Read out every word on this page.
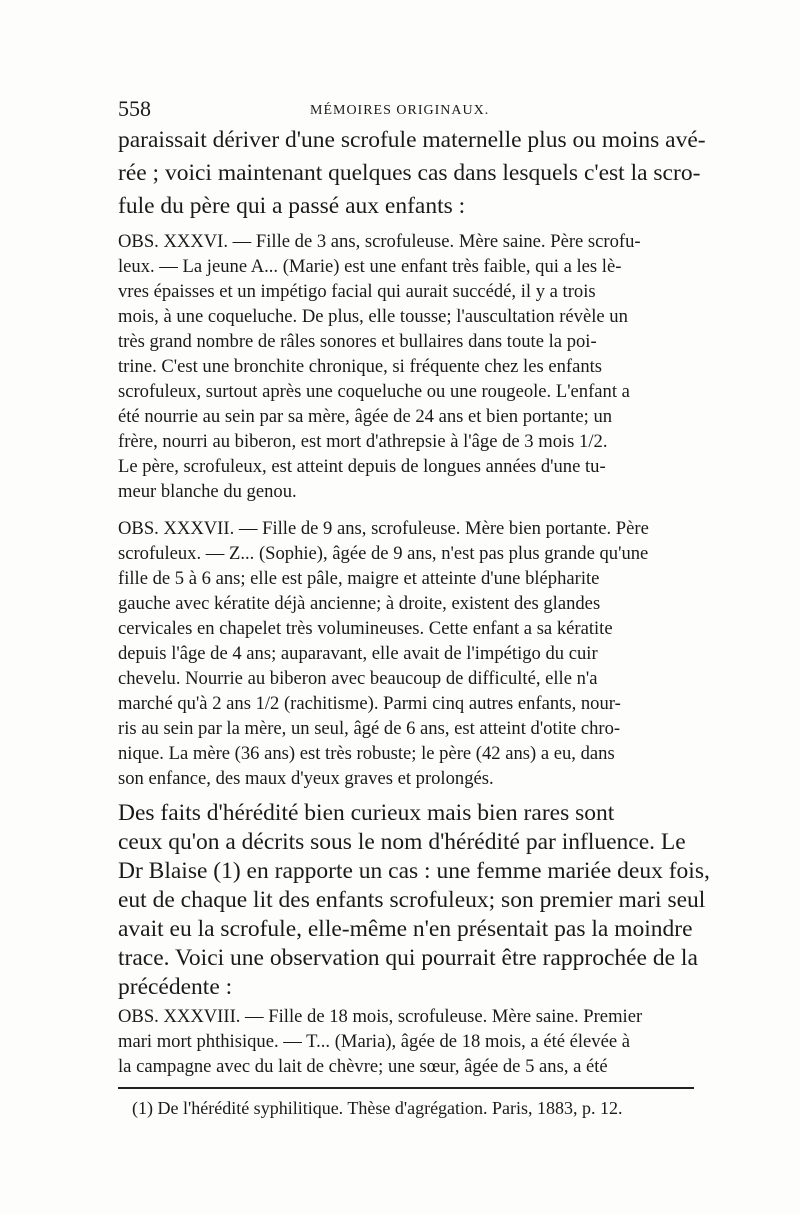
558	MÉMOIRES ORIGINAUX.
paraissait dériver d'une scrofule maternelle plus ou moins avé-
rée ; voici maintenant quelques cas dans lesquels c'est la scro-
fule du père qui a passé aux enfants :
OBS. XXXVI. — Fille de 3 ans, scrofuleuse. Mère saine. Père scrofu-
leux. — La jeune A... (Marie) est une enfant très faible, qui a les lè-
vres épaisses et un impétigo facial qui aurait succédé, il y a trois
mois, à une coqueluche. De plus, elle tousse; l'auscultation révèle un
très grand nombre de râles sonores et bullaires dans toute la poi-
trine. C'est une bronchite chronique, si fréquente chez les enfants
scrofuleux, surtout après une coqueluche ou une rougeole. L'enfant a
été nourrie au sein par sa mère, âgée de 24 ans et bien portante; un
frère, nourri au biberon, est mort d'athrepsie à l'âge de 3 mois 1/2.
Le père, scrofuleux, est atteint depuis de longues années d'une tu-
meur blanche du genou.
OBS. XXXVII. — Fille de 9 ans, scrofuleuse. Mère bien portante. Père
scrofuleux. — Z... (Sophie), âgée de 9 ans, n'est pas plus grande qu'une
fille de 5 à 6 ans; elle est pâle, maigre et atteinte d'une blépharite
gauche avec kératite déjà ancienne; à droite, existent des glandes
cervicales en chapelet très volumineuses. Cette enfant a sa kératite
depuis l'âge de 4 ans; auparavant, elle avait de l'impétigo du cuir
chevelu. Nourrie au biberon avec beaucoup de difficulté, elle n'a
marché qu'à 2 ans 1/2 (rachitisme). Parmi cinq autres enfants, nour-
ris au sein par la mère, un seul, âgé de 6 ans, est atteint d'otite chro-
nique. La mère (36 ans) est très robuste; le père (42 ans) a eu, dans
son enfance, des maux d'yeux graves et prolongés.
Des faits d'hérédité bien curieux mais bien rares sont
ceux qu'on a décrits sous le nom d'hérédité par influence. Le
Dr Blaise (1) en rapporte un cas : une femme mariée deux fois,
eut de chaque lit des enfants scrofuleux; son premier mari seul
avait eu la scrofule, elle-même n'en présentait pas la moindre
trace. Voici une observation qui pourrait être rapprochée de la
précédente :
OBS. XXXVIII. — Fille de 18 mois, scrofuleuse. Mère saine. Premier
mari mort phthisique. — T... (Maria), âgée de 18 mois, a été élevée à
la campagne avec du lait de chèvre; une sœur, âgée de 5 ans, a été
(1) De l'hérédité syphilitique. Thèse d'agrégation. Paris, 1883, p. 12.
